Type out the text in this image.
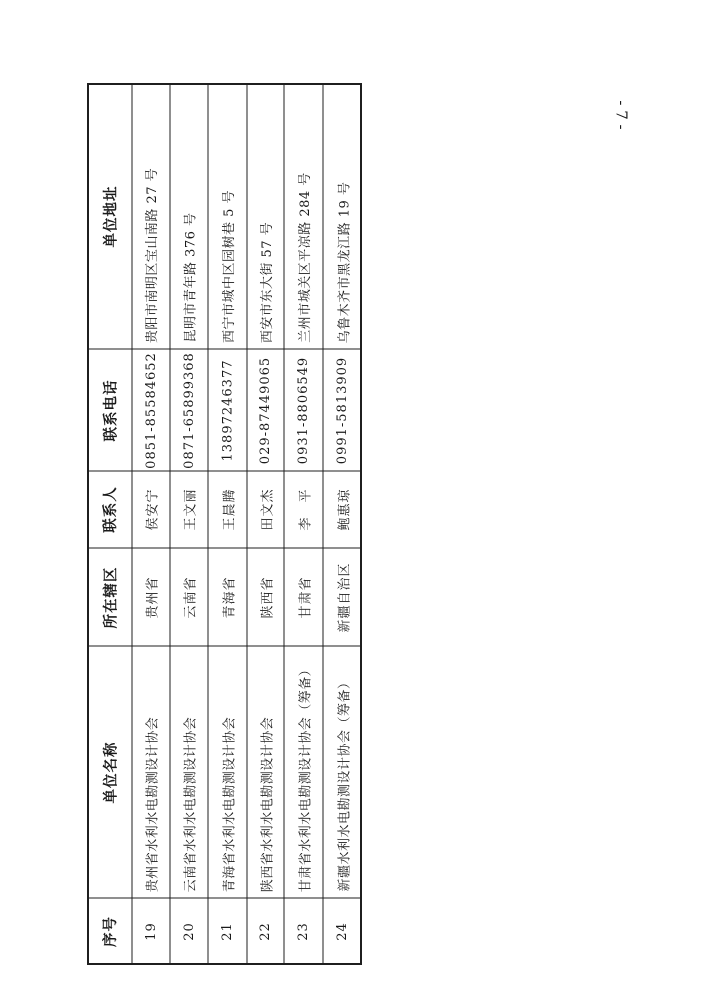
- 7 -
序号
单位名称
所在辖区
联系人
联系电话
单位地址
19
贵州省水利水电勘测设计协会
贵州省
侯安宁
0851-85584652
贵阳市南明区宝山南路 27 号
20
云南省水利水电勘测设计协会
云南省
王文丽
0871-65899368
昆明市青年路 376 号
21
青海省水利水电勘测设计协会
青海省
王晨腾
13897246377
西宁市城中区园树巷 5 号
22
陕西省水利水电勘测设计协会
陕西省
田文杰
029-87449065
西安市东大街 57 号
23
甘肃省水利水电勘测设计协会（筹备）
甘肃省
李　平
0931-8806549
兰州市城关区平凉路 284 号
24
新疆水利水电勘测设计协会（筹备）
新疆自治区
鲍惠琼
0991-5813909
乌鲁木齐市黑龙江路 19 号
